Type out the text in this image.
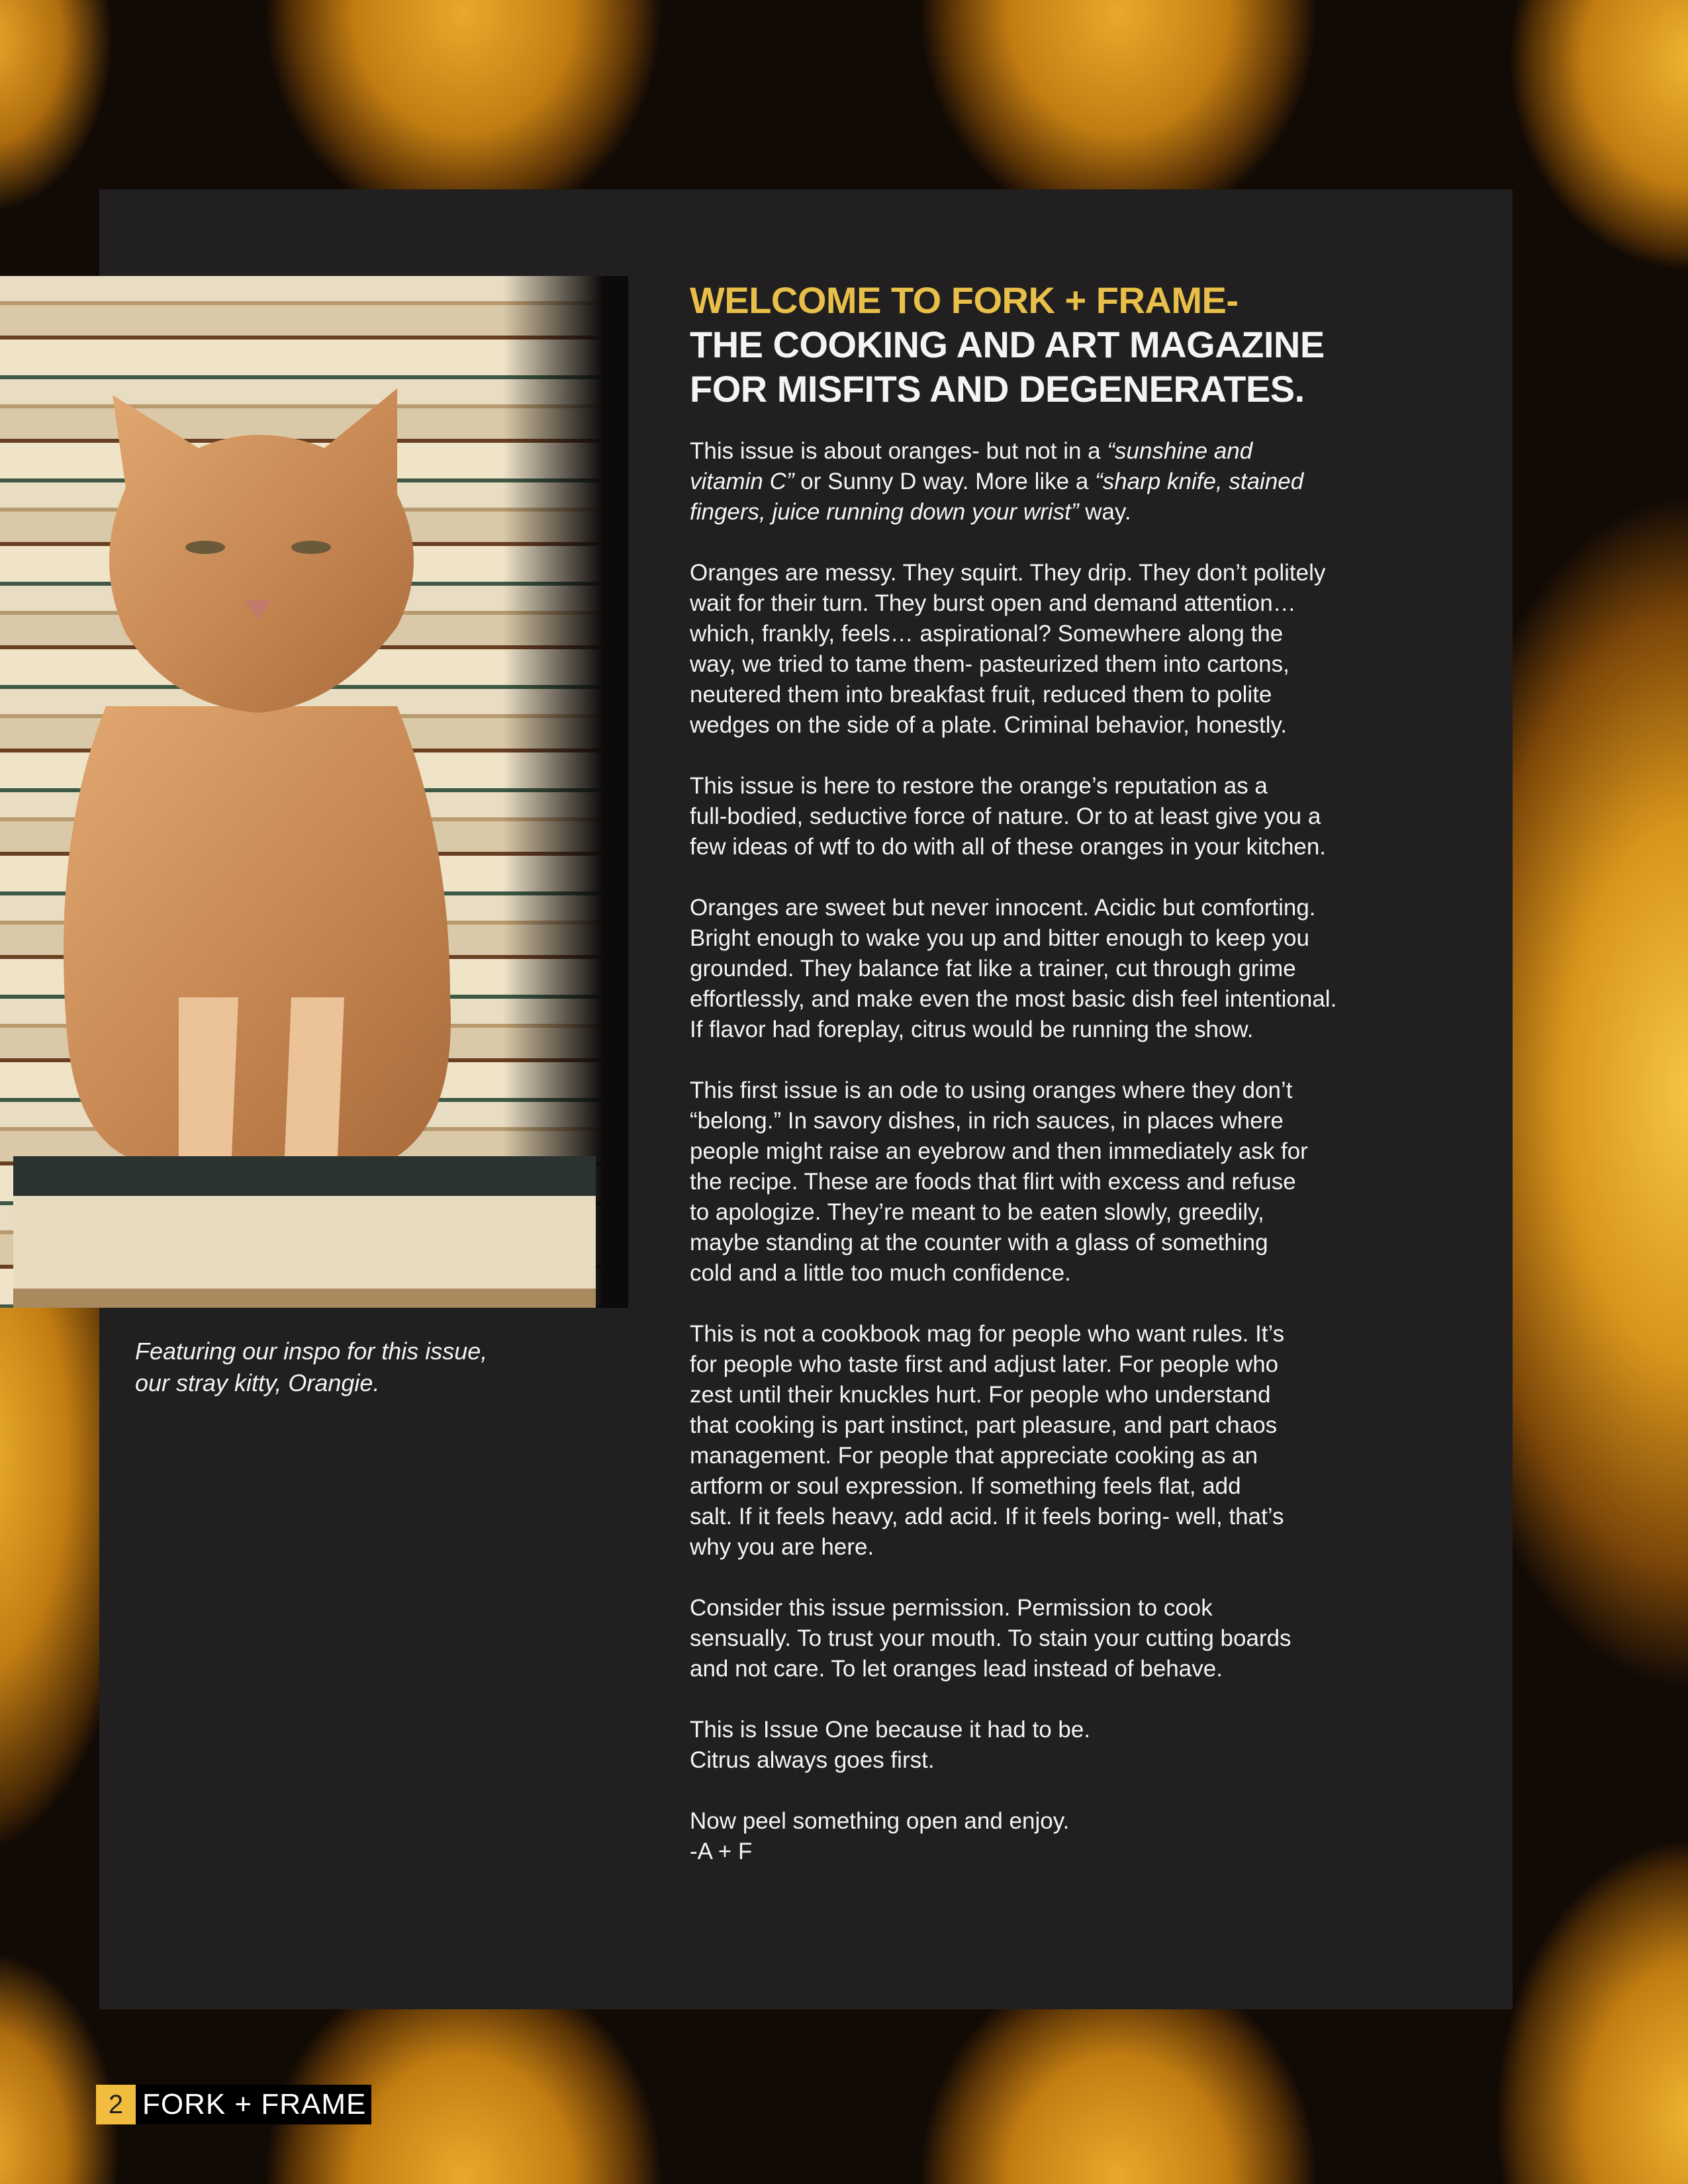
Featuring our inspo for this issue,
our stray kitty, Orangie.
WELCOME TO FORK + FRAME-
THE COOKING AND ART MAGAZINE
FOR MISFITS AND DEGENERATES.
This issue is about oranges- but not in a “sunshine and
vitamin C” or Sunny D way. More like a “sharp knife, stained
fingers, juice running down your wrist” way.
Oranges are messy. They squirt. They drip. They don’t politely
wait for their turn. They burst open and demand attention…
which, frankly, feels… aspirational? Somewhere along the
way, we tried to tame them- pasteurized them into cartons,
neutered them into breakfast fruit, reduced them to polite
wedges on the side of a plate. Criminal behavior, honestly.
This issue is here to restore the orange’s reputation as a
full-bodied, seductive force of nature. Or to at least give you a
few ideas of wtf to do with all of these oranges in your kitchen.
Oranges are sweet but never innocent. Acidic but comforting.
Bright enough to wake you up and bitter enough to keep you
grounded. They balance fat like a trainer, cut through grime
effortlessly, and make even the most basic dish feel intentional.
If flavor had foreplay, citrus would be running the show.
This first issue is an ode to using oranges where they don’t
“belong.” In savory dishes, in rich sauces, in places where
people might raise an eyebrow and then immediately ask for
the recipe. These are foods that flirt with excess and refuse
to apologize. They’re meant to be eaten slowly, greedily,
maybe standing at the counter with a glass of something
cold and a little too much confidence.
This is not a cookbook mag for people who want rules. It’s
for people who taste first and adjust later. For people who
zest until their knuckles hurt. For people who understand
that cooking is part instinct, part pleasure, and part chaos
management. For people that appreciate cooking as an
artform or soul expression. If something feels flat, add
salt. If it feels heavy, add acid. If it feels boring- well, that’s
why you are here.
Consider this issue permission. Permission to cook
sensually. To trust your mouth. To stain your cutting boards
and not care. To let oranges lead instead of behave.
This is Issue One because it had to be.
Citrus always goes first.
Now peel something open and enjoy.
-A + F
2 FORK + FRAME
